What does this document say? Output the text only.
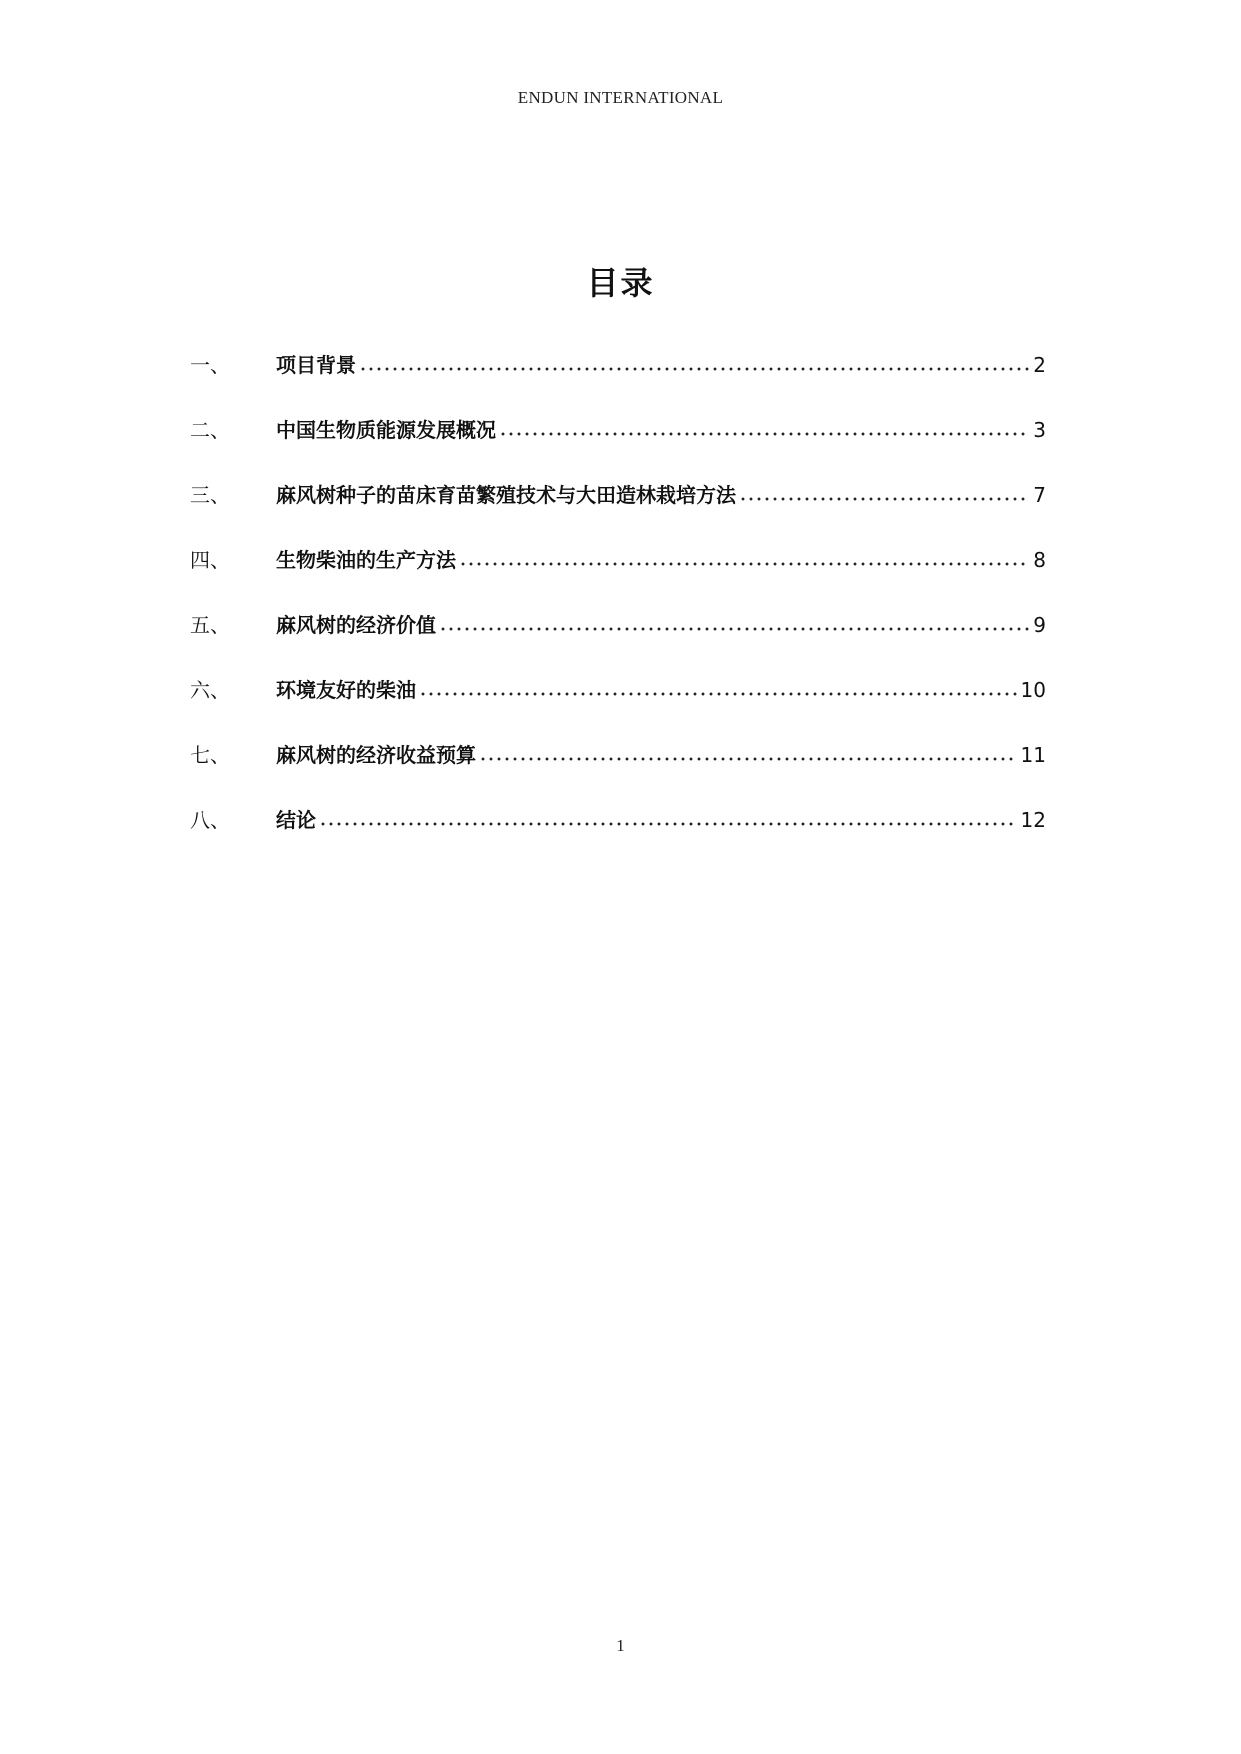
ENDUN INTERNATIONAL
目录
一、	项目背景	2
二、	中国生物质能源发展概况	3
三、	麻风树种子的苗床育苗繁殖技术与大田造林栽培方法	7
四、	生物柴油的生产方法	8
五、	麻风树的经济价值	9
六、	环境友好的柴油	10
七、	麻风树的经济收益预算	11
八、	结论	12
1
